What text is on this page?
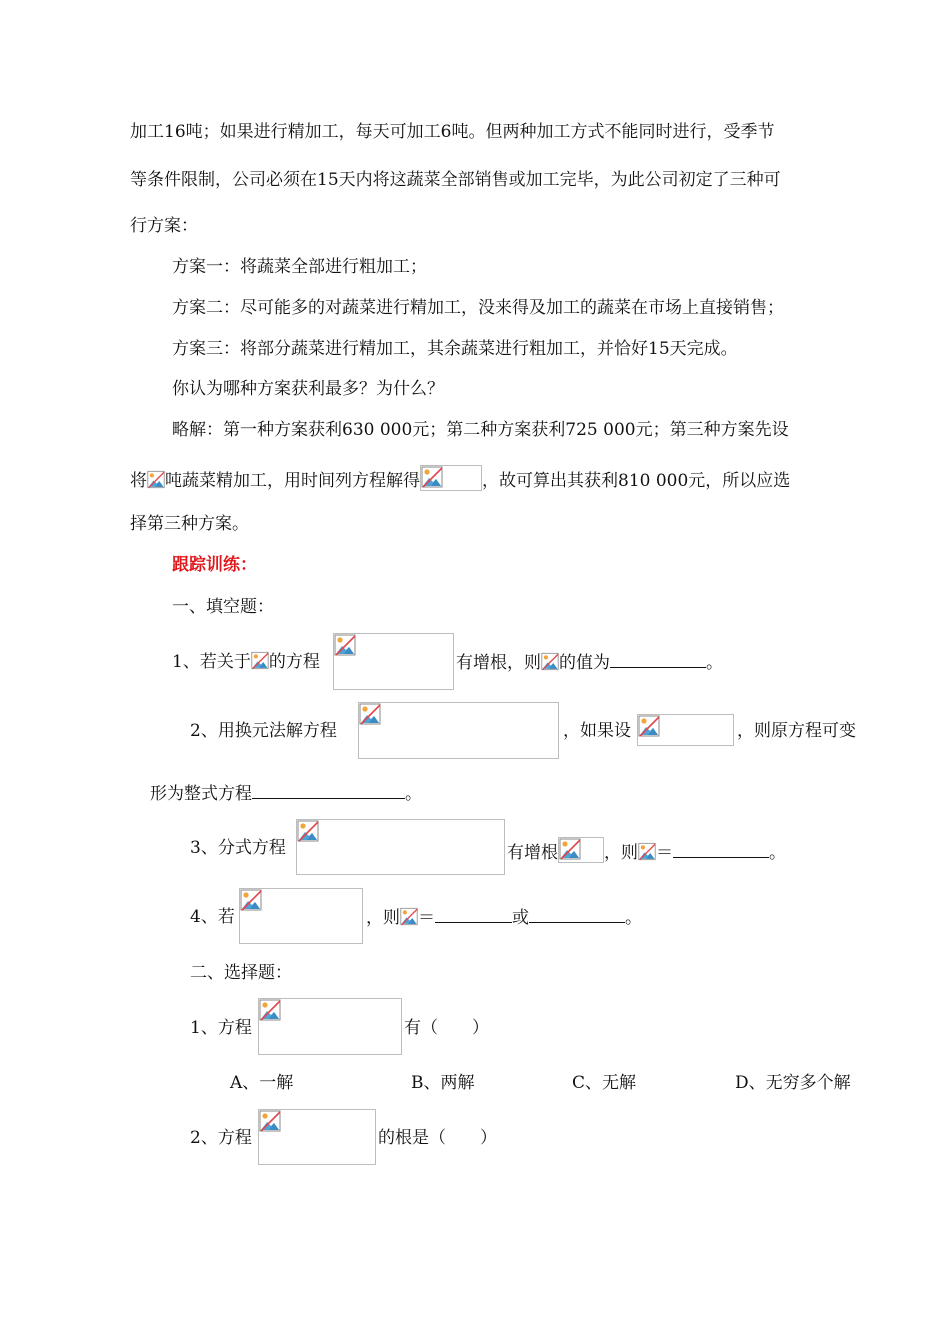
加工16吨；如果进行精加工，每天可加工6吨。但两种加工方式不能同时进行，受季节
等条件限制，公司必须在15天内将这蔬菜全部销售或加工完毕，为此公司初定了三种可
行方案：
方案一：将蔬菜全部进行粗加工；
方案二：尽可能多的对蔬菜进行精加工，没来得及加工的蔬菜在市场上直接销售；
方案三：将部分蔬菜进行精加工，其余蔬菜进行粗加工，并恰好15天完成。
你认为哪种方案获利最多？为什么？
略解：第一种方案获利630 000元；第二种方案获利725 000元；第三种方案先设
将 吨蔬菜精加工，用时间列方程解得	，故可算出其获利810 000元，所以应选
择第三种方案。
跟踪训练：
一、填空题：
1、若关于 的方程	有增根，则 的值为	。
2、用换元法解方程	，如果设	，则原方程可变
形为整式方程	。
3、分式方程	有增根	，则 ＝	。
4、若	，则 ＝	或	。
二、选择题：
1、方程	有（　　）
A、一解	B、两解	C、无解	D、无穷多个解
2、方程	的根是（　　）
